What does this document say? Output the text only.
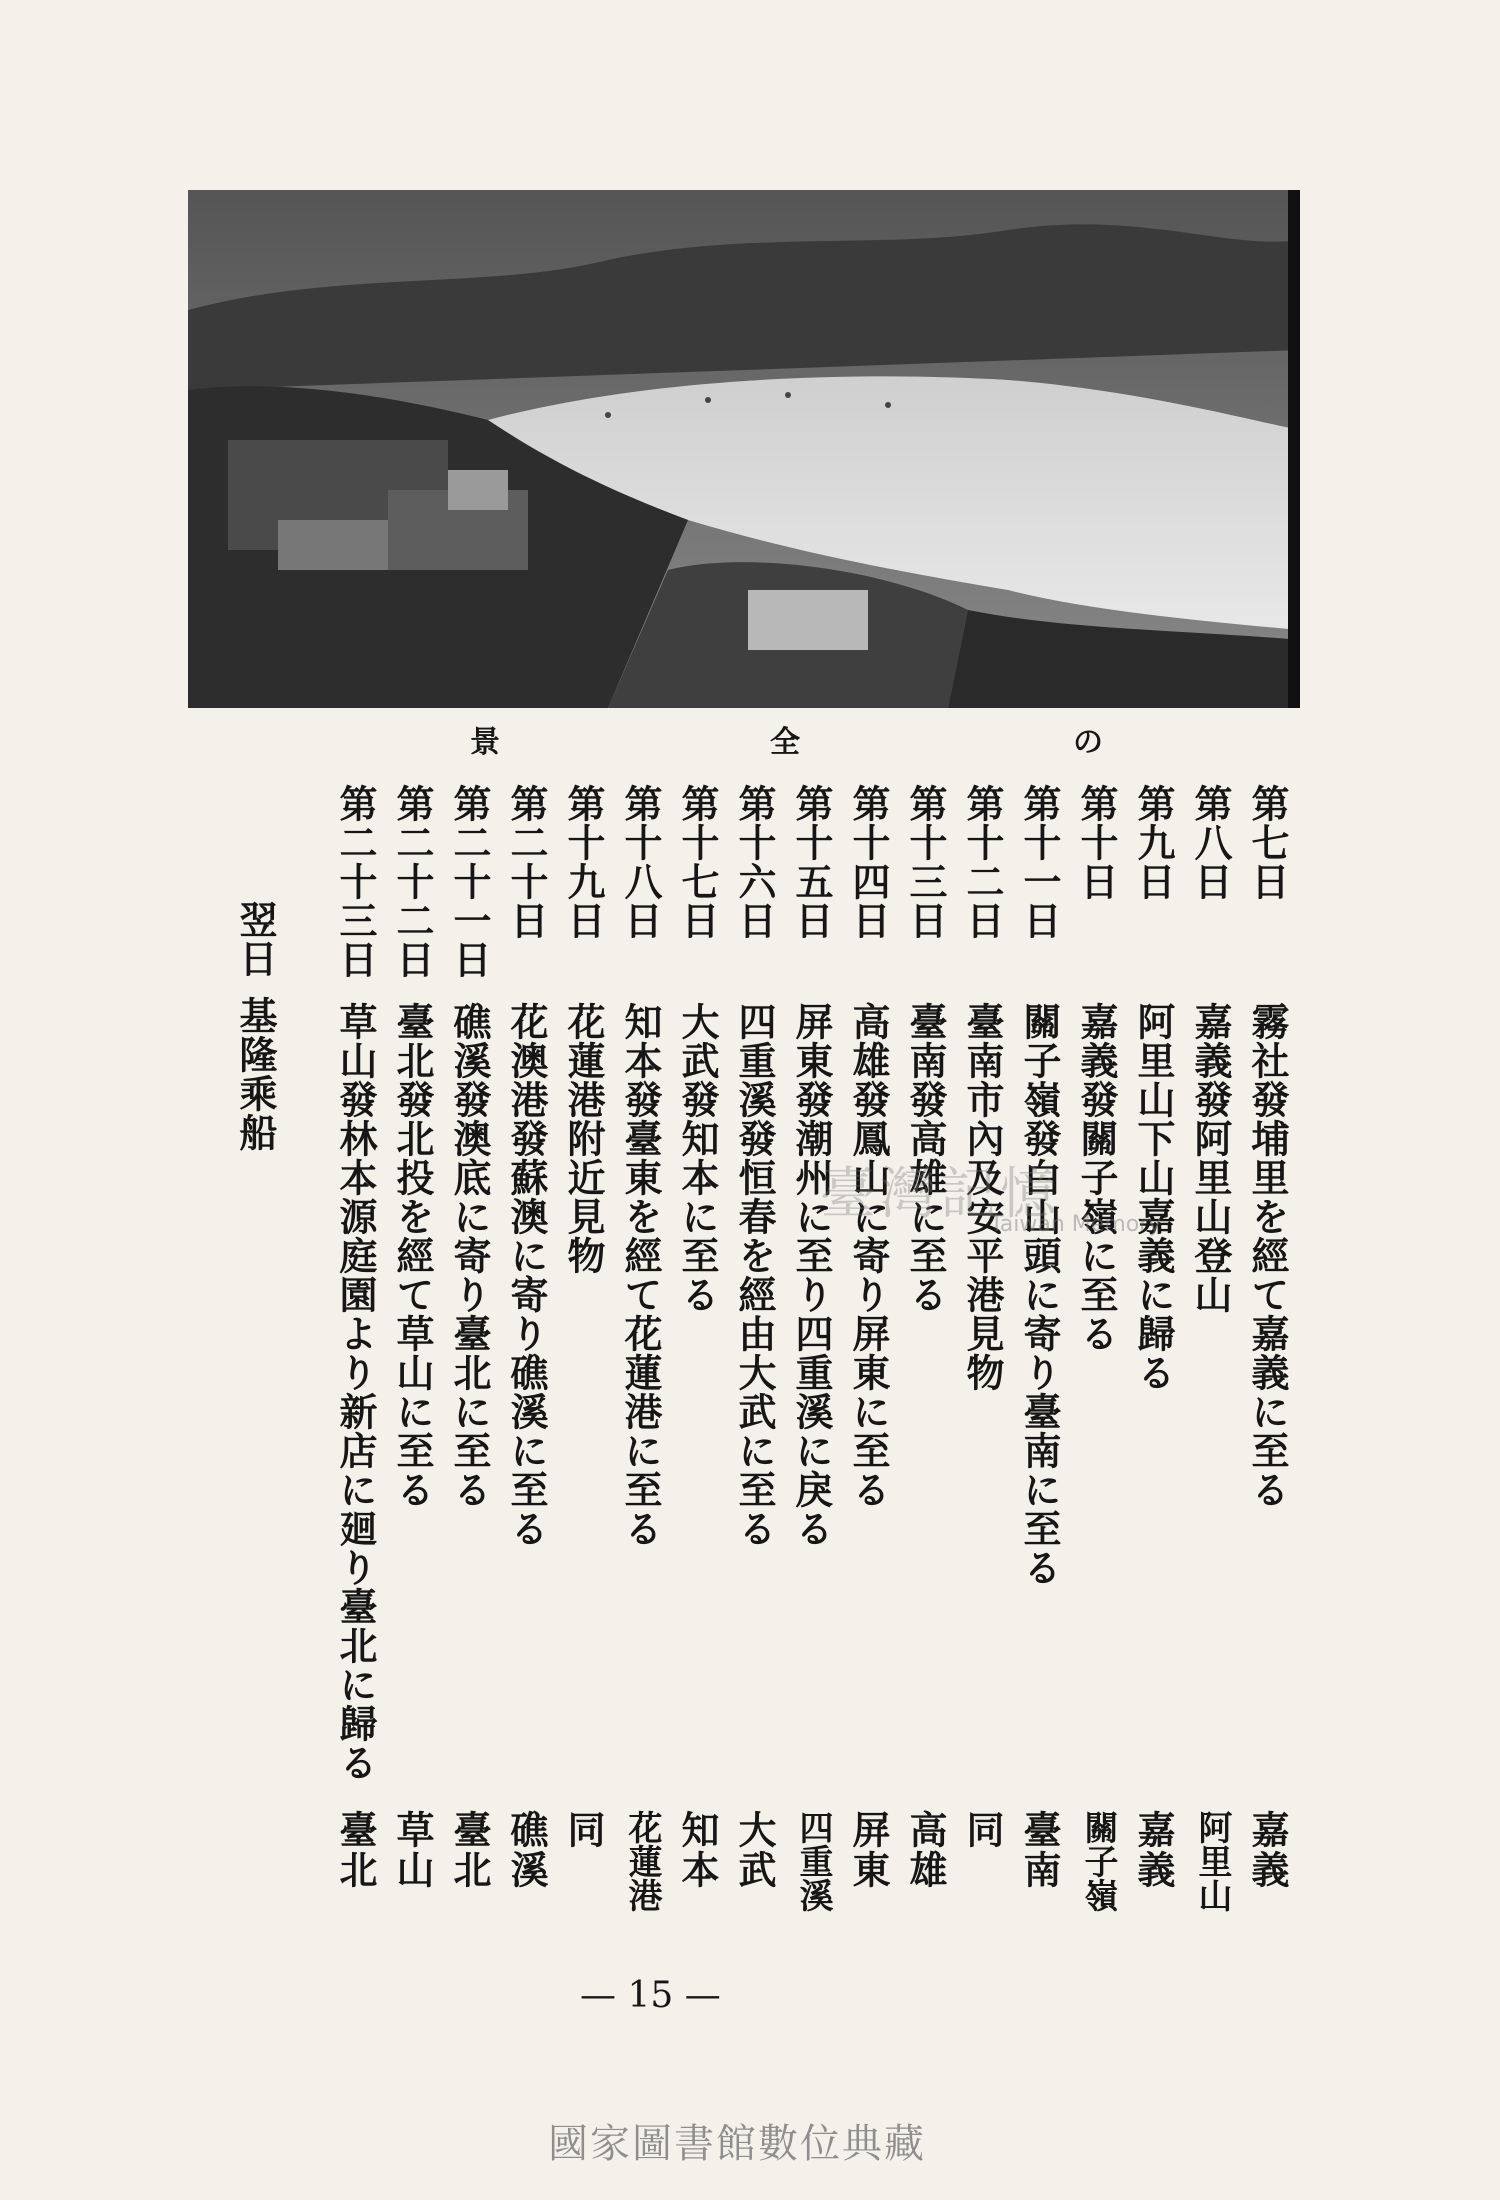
の
全
景
第七日霧社發埔里を經て嘉義に至る
第八日嘉義發阿里山登山
第九日阿里山下山嘉義に歸る
第十日嘉義發關子嶺に至る
第十一日關子嶺發白山頭に寄り臺南に至る
第十二日臺南市內及安平港見物
第十三日臺南發高雄に至る
第十四日高雄發鳳山に寄り屏東に至る
第十五日屏東發潮州に至り四重溪に戾る
第十六日四重溪發恒春を經由大武に至る
第十七日大武發知本に至る
第十八日知本發臺東を經て花蓮港に至る
第十九日花蓮港附近見物
第二十日花澳港發蘇澳に寄り礁溪に至る
第二十一日礁溪發澳底に寄り臺北に至る
第二十二日臺北發北投を經て草山に至る
第二十三日草山發林本源庭園より新店に廻り臺北に歸る
翌日基隆乘船
嘉義
阿里山
嘉義
關子嶺
臺南
同
高雄
屏東
四重溪
大武
知本
花蓮港
同
礁溪
臺北
草山
臺北
臺灣記憶
Taiwan Memory
— 15 —
國家圖書館數位典藏
